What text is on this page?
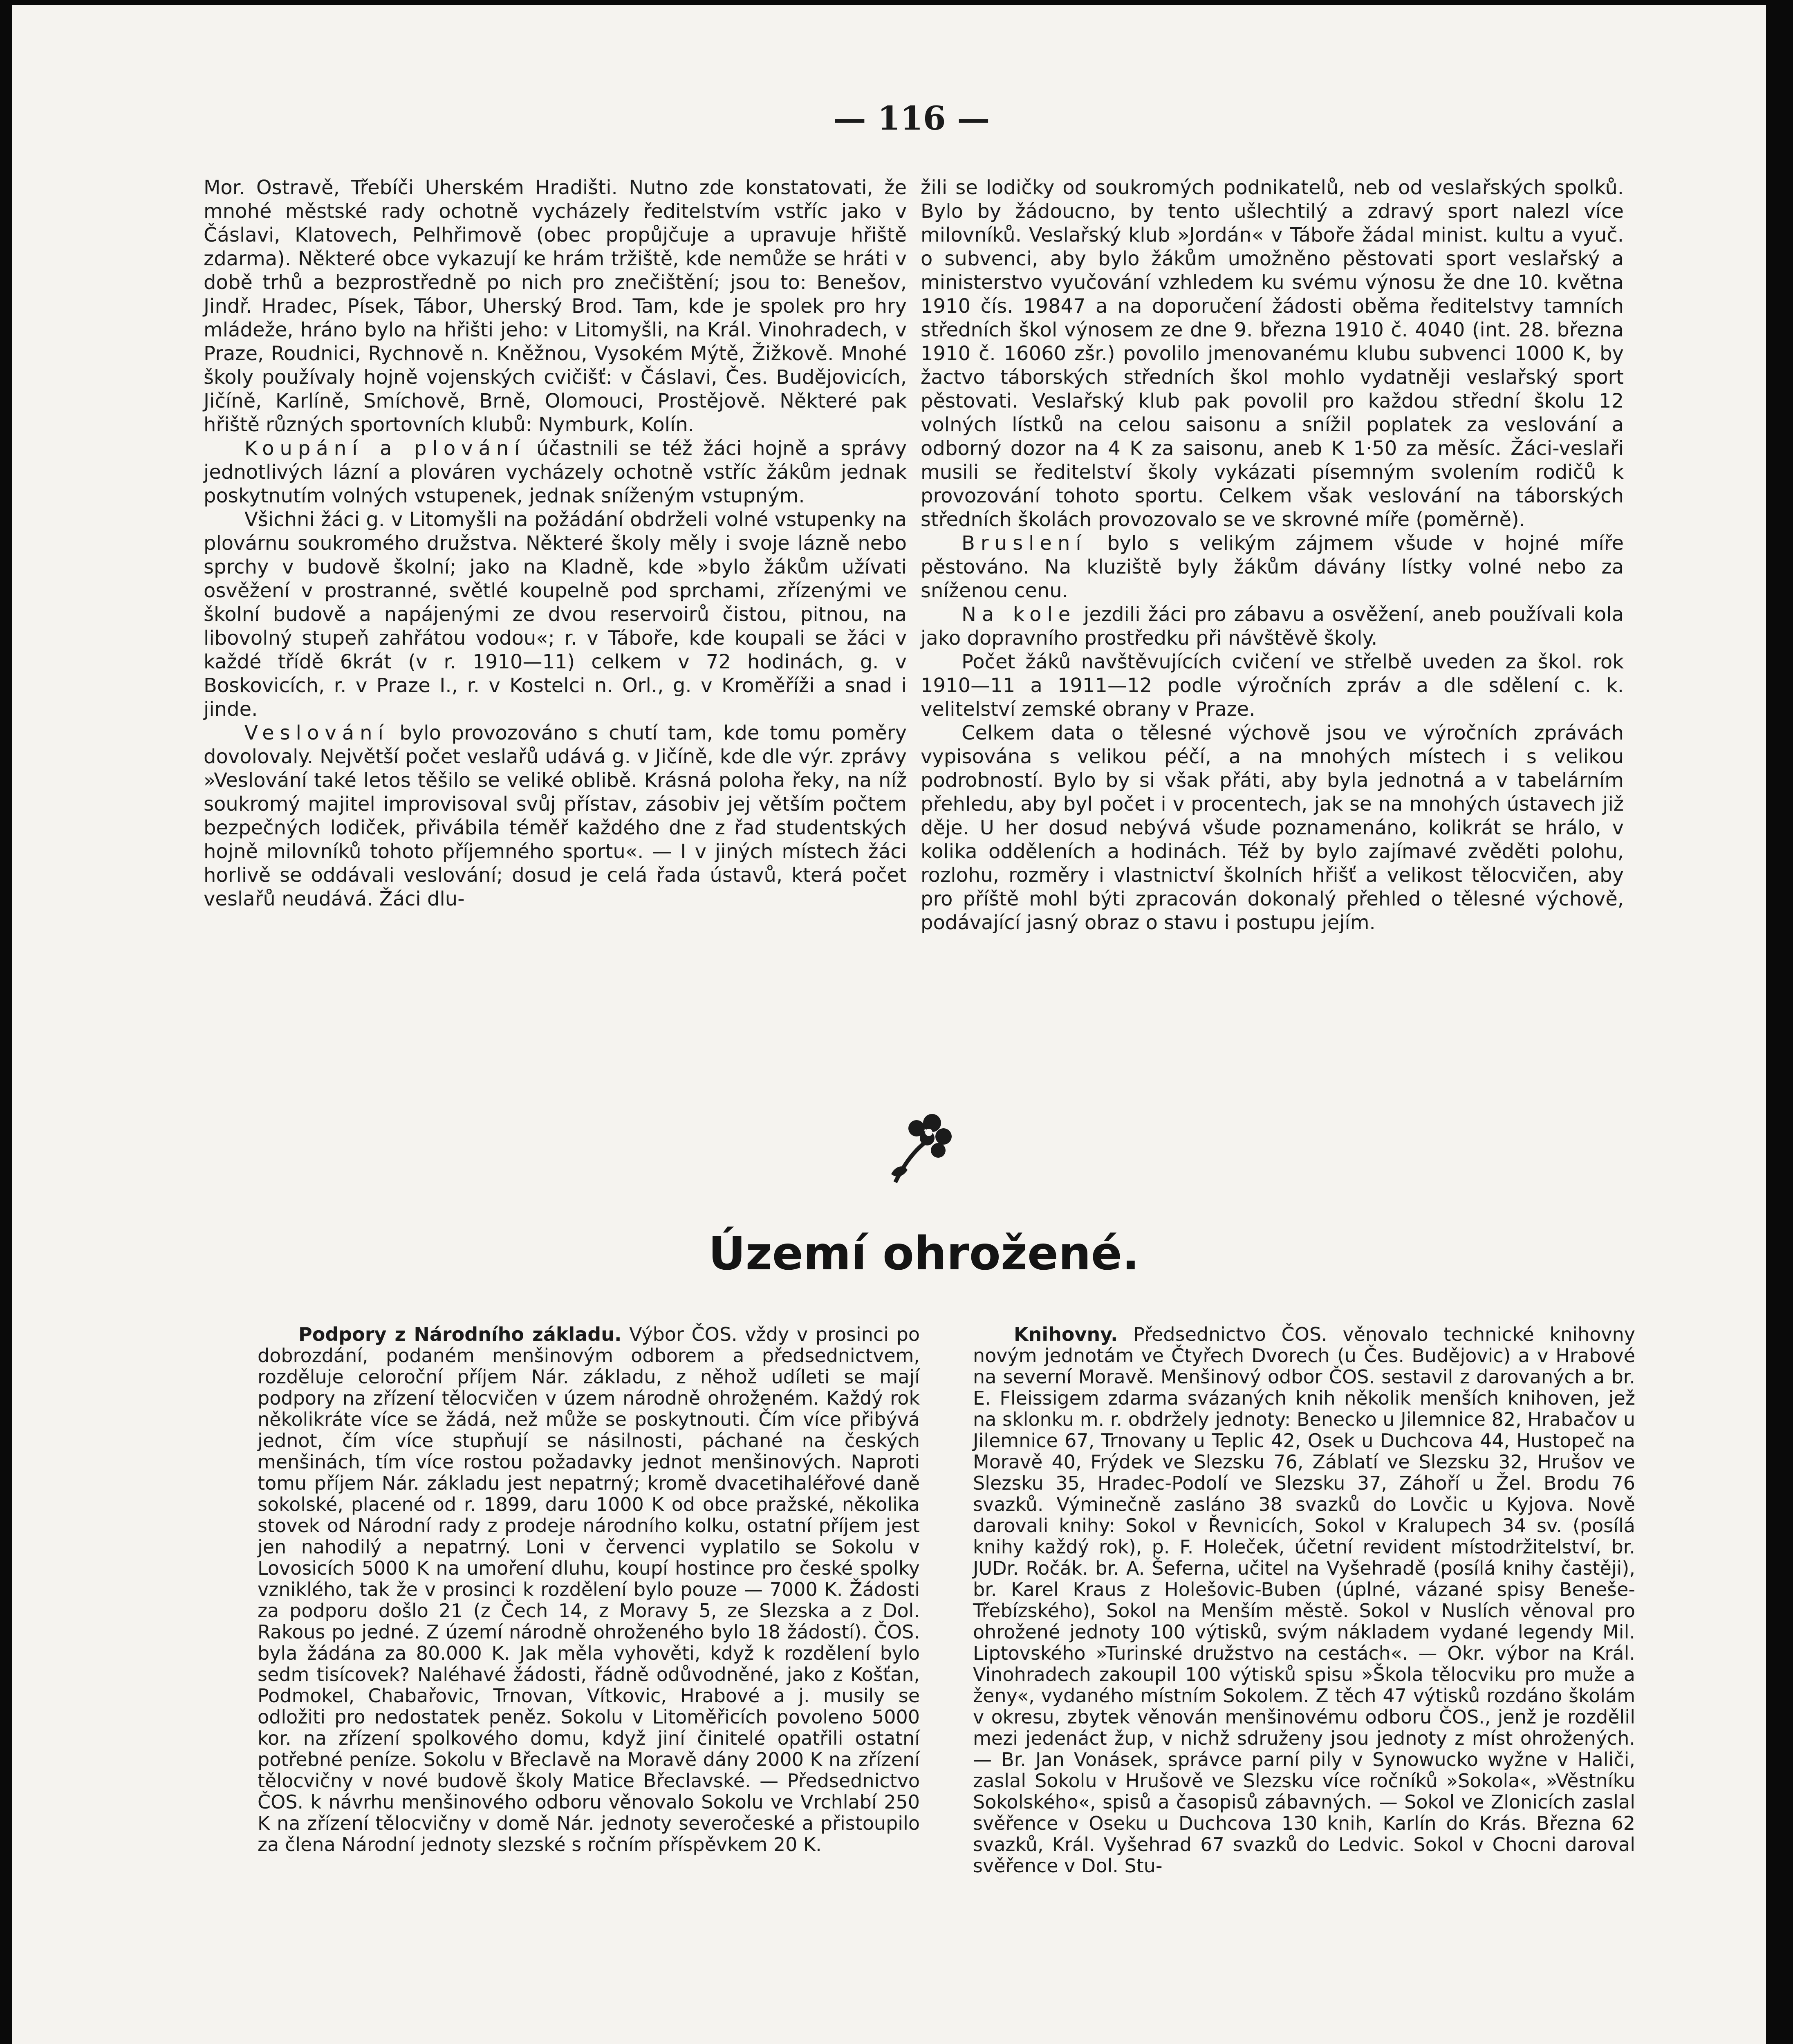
— 116 —

Mor. Ostravě, Třebíči Uherském Hradišti. Nutno zde konstatovati, že mnohé městské rady ochotně vycházely ředitelstvím vstříc jako v Čáslavi, Klatovech, Pelhřimově (obec propůjčuje a upravuje hřiště zdarma). Některé obce vykazují ke hrám tržiště, kde nemůže se hráti v době trhů a bezprostředně po nich pro znečištění; jsou to: Benešov, Jindř. Hradec, Písek, Tábor, Uherský Brod. Tam, kde je spolek pro hry mládeže, hráno bylo na hřišti jeho: v Litomyšli, na Král. Vinohradech, v Praze, Roudnici, Rychnově n. Kněžnou, Vysokém Mýtě, Žižkově. Mnohé školy používaly hojně vojenských cvičišť: v Čáslavi, Čes. Budějovicích, Jičíně, Karlíně, Smíchově, Brně, Olomouci, Prostějově. Některé pak hřiště různých sportovních klubů: Nymburk, Kolín.

Koupání a plování účastnili se též žáci hojně a správy jednotlivých lázní a plováren vycházely ochotně vstříc žákům jednak poskytnutím volných vstupenek, jednak sníženým vstupným.

Všichni žáci g. v Litomyšli na požádání obdrželi volné vstupenky na plovárnu soukromého družstva. Některé školy měly i svoje lázně nebo sprchy v budově školní; jako na Kladně, kde »bylo žákům užívati osvěžení v prostranné, světlé koupelně pod sprchami, zřízenými ve školní budově a napájenými ze dvou reservoirů čistou, pitnou, na libovolný stupeň zahřátou vodou«; r. v Táboře, kde koupali se žáci v každé třídě 6krát (v r. 1910—11) celkem v 72 hodinách, g. v Boskovicích, r. v Praze I., r. v Kostelci n. Orl., g. v Kroměříži a snad i jinde.

Veslování bylo provozováno s chutí tam, kde tomu poměry dovolovaly. Největší počet veslařů udává g. v Jičíně, kde dle výr. zprávy »Veslování také letos těšilo se veliké oblibě. Krásná poloha řeky, na níž soukromý majitel improvisoval svůj přístav, zásobiv jej větším počtem bezpečných lodiček, přivábila téměř každého dne z řad studentských hojně milovníků tohoto příjemného sportu«. — I v jiných místech žáci horlivě se oddávali veslování; dosud je celá řada ústavů, která počet veslařů neudává. Žáci dlu-

žili se lodičky od soukromých podnikatelů, neb od veslařských spolků. Bylo by žádoucno, by tento ušlechtilý a zdravý sport nalezl více milovníků. Veslařský klub »Jordán« v Táboře žádal minist. kultu a vyuč. o subvenci, aby bylo žákům umožněno pěstovati sport veslařský a ministerstvo vyučování vzhledem ku svému výnosu že dne 10. května 1910 čís. 19847 a na doporučení žádosti oběma ředitelstvy tamních středních škol výnosem ze dne 9. března 1910 č. 4040 (int. 28. března 1910 č. 16060 zšr.) povolilo jmenovanému klubu subvenci 1000 K, by žactvo táborských středních škol mohlo vydatněji veslařský sport pěstovati. Veslařský klub pak povolil pro každou střední školu 12 volných lístků na celou saisonu a snížil poplatek za veslování a odborný dozor na 4 K za saisonu, aneb K 1·50 za měsíc. Žáci-veslaři musili se ředitelství školy vykázati písemným svolením rodičů k provozování tohoto sportu. Celkem však veslování na táborských středních školách provozovalo se ve skrovné míře (poměrně).

Bruslení bylo s velikým zájmem všude v hojné míře pěstováno. Na kluziště byly žákům dávány lístky volné nebo za sníženou cenu.

Na kole jezdili žáci pro zábavu a osvěžení, aneb používali kola jako dopravního prostředku při návštěvě školy.

Počet žáků navštěvujících cvičení ve střelbě uveden za škol. rok 1910—11 a 1911—12 podle výročních zpráv a dle sdělení c. k. velitelství zemské obrany v Praze.

Celkem data o tělesné výchově jsou ve výročních zprávách vypisována s velikou péčí, a na mnohých místech i s velikou podrobností. Bylo by si však přáti, aby byla jednotná a v tabelárním přehledu, aby byl počet i v procentech, jak se na mnohých ústavech již děje. U her dosud nebývá všude poznamenáno, kolikrát se hrálo, v kolika odděleních a hodinách. Též by bylo zajímavé zvěděti polohu, rozlohu, rozměry i vlastnictví školních hřišť a velikost tělocvičen, aby pro příště mohl býti zpracován dokonalý přehled o tělesné výchově, podávající jasný obraz o stavu i postupu jejím.

Území ohrožené.

Podpory z Národního základu. Výbor ČOS. vždy v prosinci po dobrozdání, podaném menšinovým odborem a předsednictvem, rozděluje celoroční příjem Nár. základu, z něhož udíleti se mají podpory na zřízení tělocvičen v územ národně ohroženém. Každý rok několikráte více se žádá, než může se poskytnouti. Čím více přibývá jednot, čím více stupňují se násilnosti, páchané na českých menšinách, tím více rostou požadavky jednot menšinových. Naproti tomu příjem Nár. základu jest nepatrný; kromě dvacetihaléřové daně sokolské, placené od r. 1899, daru 1000 K od obce pražské, několika stovek od Národní rady z prodeje národního kolku, ostatní příjem jest jen nahodilý a nepatrný. Loni v červenci vyplatilo se Sokolu v Lovosicích 5000 K na umoření dluhu, koupí hostince pro české spolky vzniklého, tak že v prosinci k rozdělení bylo pouze — 7000 K. Žádosti za podporu došlo 21 (z Čech 14, z Moravy 5, ze Slezska a z Dol. Rakous po jedné. Z území národně ohroženého bylo 18 žádostí). ČOS. byla žádána za 80.000 K. Jak měla vyhověti, když k rozdělení bylo sedm tisícovek? Naléhavé žádosti, řádně odůvodněné, jako z Košťan, Podmokel, Chabařovic, Trnovan, Vítkovic, Hrabové a j. musily se odložiti pro nedostatek peněz. Sokolu v Litoměřicích povoleno 5000 kor. na zřízení spolkového domu, když jiní činitelé opatřili ostatní potřebné peníze. Sokolu v Břeclavě na Moravě dány 2000 K na zřízení tělocvičny v nové budově školy Matice Břeclavské. — Předsednictvo ČOS. k návrhu menšinového odboru věnovalo Sokolu ve Vrchlabí 250 K na zřízení tělocvičny v domě Nár. jednoty severočeské a přistoupilo za člena Národní jednoty slezské s ročním příspěvkem 20 K.

Knihovny. Předsednictvo ČOS. věnovalo technické knihovny novým jednotám ve Čtyřech Dvorech (u Čes. Budějovic) a v Hrabové na severní Moravě. Menšinový odbor ČOS. sestavil z darovaných a br. E. Fleissigem zdarma svázaných knih několik menších knihoven, jež na sklonku m. r. obdržely jednoty: Benecko u Jilemnice 82, Hrabačov u Jilemnice 67, Trnovany u Teplic 42, Osek u Duchcova 44, Hustopeč na Moravě 40, Frýdek ve Slezsku 76, Záblatí ve Slezsku 32, Hrušov ve Slezsku 35, Hradec-Podolí ve Slezsku 37, Záhoří u Žel. Brodu 76 svazků. Výminečně zasláno 38 svazků do Lovčic u Kyjova. Nově darovali knihy: Sokol v Řevnicích, Sokol v Kralupech 34 sv. (posílá knihy každý rok), p. F. Holeček, účetní revident místodržitelství, br. JUDr. Ročák. br. A. Šeferna, učitel na Vyšehradě (posílá knihy častěji), br. Karel Kraus z Holešovic-Buben (úplné, vázané spisy Beneše-Třebízského), Sokol na Menším městě. Sokol v Nuslích věnoval pro ohrožené jednoty 100 výtisků, svým nákladem vydané legendy Mil. Liptovského »Turinské družstvo na cestách«. — Okr. výbor na Král. Vinohradech zakoupil 100 výtisků spisu »Škola tělocviku pro muže a ženy«, vydaného místním Sokolem. Z těch 47 výtisků rozdáno školám v okresu, zbytek věnován menšinovému odboru ČOS., jenž je rozdělil mezi jedenáct žup, v nichž sdruženy jsou jednoty z míst ohrožených. — Br. Jan Vonásek, správce parní pily v Synowucko wyžne v Haliči, zaslal Sokolu v Hrušově ve Slezsku více ročníků »Sokola«, »Věstníku Sokolského«, spisů a časopisů zábavných. — Sokol ve Zlonicích zaslal svěřence v Oseku u Duchcova 130 knih, Karlín do Krás. Března 62 svazků, Král. Vyšehrad 67 svazků do Ledvic. Sokol v Chocni daroval svěřence v Dol. Stu-
